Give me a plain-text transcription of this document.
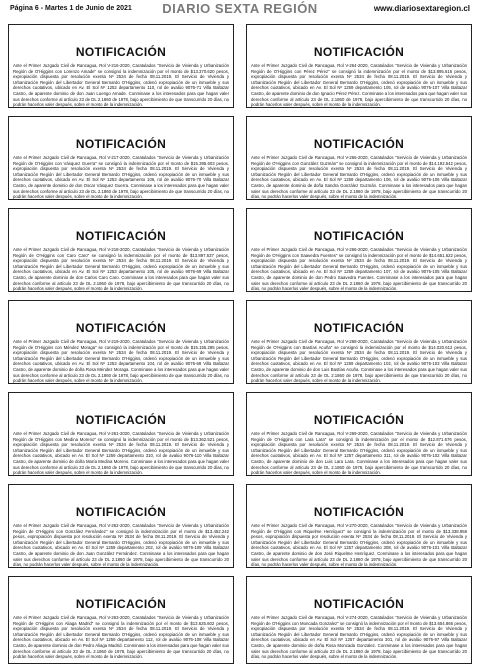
Página 6 - Martes 1 de Junio de 2021	DIARIO SEXTA REGIÓN	www.diariosextaregion.cl
NOTIFICACIÓN
Ante el Primer Juzgado Civil de Rancagua, Rol V-216-2020, Caratulados "Servicio de Vivienda y Urbanización Región de O'Higgins con Lorenzo Amade" se consignó la indemnización por el monto de $13.370.620 pesos, expropiación dispuesta por resolución exenta Nº 2534 de fecha 08.11.2019. El Servicio de Vivienda y Urbanización Región del Libertador General Bernardo O'Higgins, ordenó expropiación de un inmueble y sus derechos cuotativos, ubicado en Av. El Sol Nº 1252 departamento 110, rol de avalúo 9076-71 Villa Baltazar Castro, de aparente dominio de don Juan Luengo Amade. Conminase a los interesados para que hagan valer sus derechos conforme al artículo 23 de DL 2.1860 de 1978, bajo apercibimiento de que transcurrido 20 días, no podrán hacerlos valer después, sobre el monto de la indemnización.
NOTIFICACIÓN
Ante el Primer Juzgado Civil de Rancagua, Rol V-264-2020, Caratulados "Servicio de Vivienda y Urbanización Región de O'Higgins con Pérez Pérez" se consignó la indemnización por el monto de $13.895.616 pesos, expropiación dispuesta por resolución exenta Nº 2534 de fecha 08.11.2019. El Servicio de Vivienda y Urbanización Región del Libertador General Bernardo O'Higgins, ordenó expropiación de un inmueble y sus derechos cuotativos, ubicado en Av. El Sol Nº 1259 departamento 105, rol de avalúo 9076-107 Villa Baltazar Castro, de aparente dominio de don Ignacio Pérez Pérez. Conminase a los interesados para que hagan valer sus derechos conforme al artículo 23 de DL 2.1860 de 1978, bajo apercibimiento de que transcurrido 20 días, no podrán hacerlos valer después, sobre el monto de la indemnización.
NOTIFICACIÓN
Ante el Primer Juzgado Civil de Rancagua, Rol V-217-2020, Caratulados "Servicio de Vivienda y Urbanización Región de O'Higgins con Vásquez Guerra" se consignó la indemnización por el monto de $15.395.603 pesos, expropiación dispuesta por resolución exenta Nº 2534 de fecha 08.11.2019. El Servicio de Vivienda y Urbanización Región del Libertador General Bernardo O'Higgins, ordenó expropiación de un inmueble y sus derechos cuotativos, ubicado en Av. El Sol Nº 1253 departamento 106, rol de avalúo 9076-70 Villa Baltazar Castro, de aparente dominio de don Oscar Vásquez Guerra. Conminase a los interesados para que hagan valer sus derechos conforme al artículo 23 de DL 2.1860 de 1978, bajo apercibimiento de que transcurrido 20 días, no podrán hacerlos valer después, sobre el monto de la indemnización.
NOTIFICACIÓN
Ante el Primer Juzgado Civil de Rancagua, Rol V-265-2020, Caratulados "Servicio de Vivienda y Urbanización Región de O'Higgins con González Guzmán" se consignó la indemnización por el monto de $14.192.542 pesos, expropiación dispuesta por resolución exenta Nº 2534 de fecha 08.11.2019. El Servicio de Vivienda y Urbanización Región del Libertador General Bernardo O'Higgins, ordenó expropiación de un inmueble y sus derechos cuotativos, ubicado en Av. El Sol Nº 1259 departamento 106, rol de avalúo 9076-106 Villa Baltazar Castro, de aparente dominio de doña Sandra González Guzmán. Conminase a los interesados para que hagan valer sus derechos conforme al artículo 23 de DL 2.1860 de 1978, bajo apercibimiento de que transcurrido 20 días, no podrán hacerlos valer después, sobre el monto de la indemnización.
NOTIFICACIÓN
Ante el Primer Juzgado Civil de Rancagua, Rol V-218-2020, Caratulados "Servicio de Vivienda y Urbanización Región de O'Higgins con Caro Caro" se consignó la indemnización por el monto de $13.897.537 pesos, expropiación dispuesta por resolución exenta Nº 2534 de fecha 08.11.2019. El Servicio de Vivienda y Urbanización Región del Libertador General Bernardo O'Higgins, ordenó expropiación de un inmueble y sus derechos cuotativos, ubicado en Av. El Sol Nº 1253 departamento 105, rol de avalúo 9076-69 Villa Baltazar Castro, de aparente dominio de don Carlos Caro Caro. Conminase a los interesados para que hagan valer sus derechos conforme al artículo 23 de DL 2.1860 de 1978, bajo apercibimiento de que transcurrido 20 días, no podrán hacerlos valer después, sobre el monto de la indemnización.
NOTIFICACIÓN
Ante el Primer Juzgado Civil de Rancagua, Rol V-266-2020, Caratulados "Servicio de Vivienda y Urbanización Región de O'Higgins con Saavedra Fuentes" se consignó la indemnización por el monto de $14.651.622 pesos, expropiación dispuesta por resolución exenta Nº 2534 de fecha 08.11.2019. El Servicio de Vivienda y Urbanización Región del Libertador General Bernardo O'Higgins, ordenó expropiación de un inmueble y sus derechos cuotativos, ubicado en Av. El Sol Nº 1259 departamento 107, rol de avalúo 9076-105 Villa Baltazar Castro, de aparente dominio de don Pedro Saavedra Fuentes. Conminase a los interesados para que hagan valer sus derechos conforme al artículo 23 de DL 2.1860 de 1978, bajo apercibimiento de que transcurrido 20 días, no podrán hacerlos valer después, sobre el monto de la indemnización.
NOTIFICACIÓN
Ante el Primer Juzgado Civil de Rancagua, Rol V-219-2020, Caratulados "Servicio de Vivienda y Urbanización Región de O'Higgins con Méndez Moraga" se consignó la indemnización por el monto de $15.155.285 pesos, expropiación dispuesta por resolución exenta Nº 2534 de fecha 08.11.2019. El Servicio de Vivienda y Urbanización Región del Libertador General Bernardo O'Higgins, ordenó expropiación de un inmueble y sus derechos cuotativos, ubicado en Av. El Sol Nº 1253 departamento 104, rol de avalúo 9076-68 Villa Baltazar Castro, de aparente dominio de doña Rosa Méndez Moraga. Conminase a los interesados para que hagan valer sus derechos conforme al artículo 23 de DL 2.1860 de 1978, bajo apercibimiento de que transcurrido 20 días, no podrán hacerlos valer después, sobre el monto de la indemnización.
NOTIFICACIÓN
Ante el Primer Juzgado Civil de Rancagua, Rol V-268-2020, Caratulados "Servicio de Vivienda y Urbanización Región de O'Higgins con Bastías Acuña" se consignó la indemnización por el monto de $14.020.612 pesos, expropiación dispuesta por resolución exenta Nº 2534 de fecha 08.11.2019. El Servicio de Vivienda y Urbanización Región del Libertador General Bernardo O'Higgins, ordenó expropiación de un inmueble y sus derechos cuotativos, ubicado en Av. El Sol Nº 1259 departamento 102, rol de avalúo 9076-103 Villa Baltazar Castro, de aparente dominio de don Luis Bastías Acuña. Conminase a los interesados para que hagan valer sus derechos conforme al artículo 23 de DL 2.1860 de 1978, bajo apercibimiento de que transcurrido 20 días, no podrán hacerlos valer después, sobre el monto de la indemnización.
NOTIFICACIÓN
Ante el Primer Juzgado Civil de Rancagua, Rol V-261-2020, Caratulados "Servicio de Vivienda y Urbanización Región de O'Higgins con Medina Moreno" se consignó la indemnización por el monto de $13.362.521 pesos, expropiación dispuesta por resolución exenta Nº 2534 de fecha 08.11.2019. El Servicio de Vivienda y Urbanización Región del Libertador General Bernardo O'Higgins, ordenó expropiación de un inmueble y sus derechos cuotativos, ubicado en Av. El Sol Nº 1259 departamento 310, rol de avalúo 9076-110 Villa Baltazar Castro, de aparente dominio de doña María Medina Moreno. Conminase a los interesados para que hagan valer sus derechos conforme al artículo 23 de DL 2.1860 de 1978, bajo apercibimiento de que transcurrido 20 días, no podrán hacerlos valer después, sobre el monto de la indemnización.
NOTIFICACIÓN
Ante el Primer Juzgado Civil de Rancagua, Rol V-269-2020, Caratulados "Servicio de Vivienda y Urbanización Región de O'Higgins con Lara Lara" se consignó la indemnización por el monto de $12.871.676 pesos, expropiación dispuesta por resolución exenta Nº 2534 de fecha 08.11.2019. El Servicio de Vivienda y Urbanización Región del Libertador General Bernardo O'Higgins, ordenó expropiación de un inmueble y sus derechos cuotativos, ubicado en Av. El Sol Nº 1257 departamento 311, rol de avalúo 9076-102 Villa Baltazar Castro, de aparente dominio de don Luis Lara Lara. Conminase a los interesados para que hagan valer sus derechos conforme al artículo 23 de DL 2.1860 de 1978, bajo apercibimiento de que transcurrido 20 días, no podrán hacerlos valer después, sobre el monto de la indemnización.
NOTIFICACIÓN
Ante el Primer Juzgado Civil de Rancagua, Rol V-262-2020, Caratulados "Servicio de Vivienda y Urbanización Región de O'Higgins con González Fernández" se consignó la indemnización por el monto de $13.452.242 pesos, expropiación dispuesta por resolución exenta Nº 2534 de fecha 08.11.2019. El Servicio de Vivienda y Urbanización Región del Libertador General Bernardo O'Higgins, ordenó expropiación de un inmueble y sus derechos cuotativos, ubicado en Av. El Sol Nº 1259 departamento 202, rol de avalúo 9076-109 Villa Baltazar Castro, de aparente dominio de don Juan González Fernández. Conminase a los interesados para que hagan valer sus derechos conforme al artículo 23 de DL 2.1860 de 1978, bajo apercibimiento de que transcurrido 20 días, no podrán hacerlos valer después, sobre el monto de la indemnización.
NOTIFICACIÓN
Ante el Primer Juzgado Civil de Rancagua, Rol V-270-2020, Caratulados "Servicio de Vivienda y Urbanización Región de O'Higgins con Riquelme Henríquez" se consignó la indemnización por el monto de $13.338.958 pesos, expropiación dispuesta por resolución exenta Nº 2534 de fecha 08.11.2019. El Servicio de Vivienda y Urbanización Región del Libertador General Bernardo O'Higgins, ordenó expropiación de un inmueble y sus derechos cuotativos, ubicado en Av. El Sol Nº 1257 departamento 308, rol de avalúo 9076-101 Villa Baltazar Castro, de aparente dominio de don José Riquelme Henríquez. Conminase a los interesados para que hagan valer sus derechos conforme al artículo 23 de DL 2.1860 de 1978, bajo apercibimiento de que transcurrido 20 días, no podrán hacerlos valer después, sobre el monto de la indemnización.
NOTIFICACIÓN
Ante el Primer Juzgado Civil de Rancagua, Rol V-263-2020, Caratulados "Servicio de Vivienda y Urbanización Región de O'Higgins con Aliaga Madrid" se consignó la indemnización por el monto de $13.625.602 pesos, expropiación dispuesta por resolución exenta Nº 2534 de fecha 08.11.2019. El Servicio de Vivienda y Urbanización Región del Libertador General Bernardo O'Higgins, ordenó expropiación de un inmueble y sus derechos cuotativos, ubicado en Av. El Sol Nº 1259 departamento 112, rol de avalúo 9076-108 Villa Baltazar Castro, de aparente dominio de don Pedro Aliaga Madrid. Conminase a los interesados para que hagan valer sus derechos conforme al artículo 23 de DL 2.1860 de 1978, bajo apercibimiento de que transcurrido 20 días, no podrán hacerlos valer después, sobre el monto de la indemnización.
NOTIFICACIÓN
Ante el Primer Juzgado Civil de Rancagua, Rol V-274-2020, Caratulados "Servicio de Vivienda y Urbanización Región de O'Higgins con Moncada Gonzalez" se consignó la indemnización por el monto de $13.654.866 pesos, expropiación dispuesta por resolución exenta Nº 2534 de fecha 08.11.2019. El Servicio de Vivienda y Urbanización Región del Libertador General Bernardo O'Higgins, ordenó expropiación de un inmueble y sus derechos cuotativos, ubicado en Av. El Sol Nº 1257 departamento 301, rol de avalúo 9076-97 Villa Baltazar Castro, de aparente dominio de doña Rosa Moncada Gonzalez. Conminase a los interesados para que hagan valer sus derechos conforme al artículo 23 de DL 2.1860 de 1978, bajo apercibimiento de que transcurrido 20 días, no podrán hacerlos valer después, sobre el monto de la indemnización.
